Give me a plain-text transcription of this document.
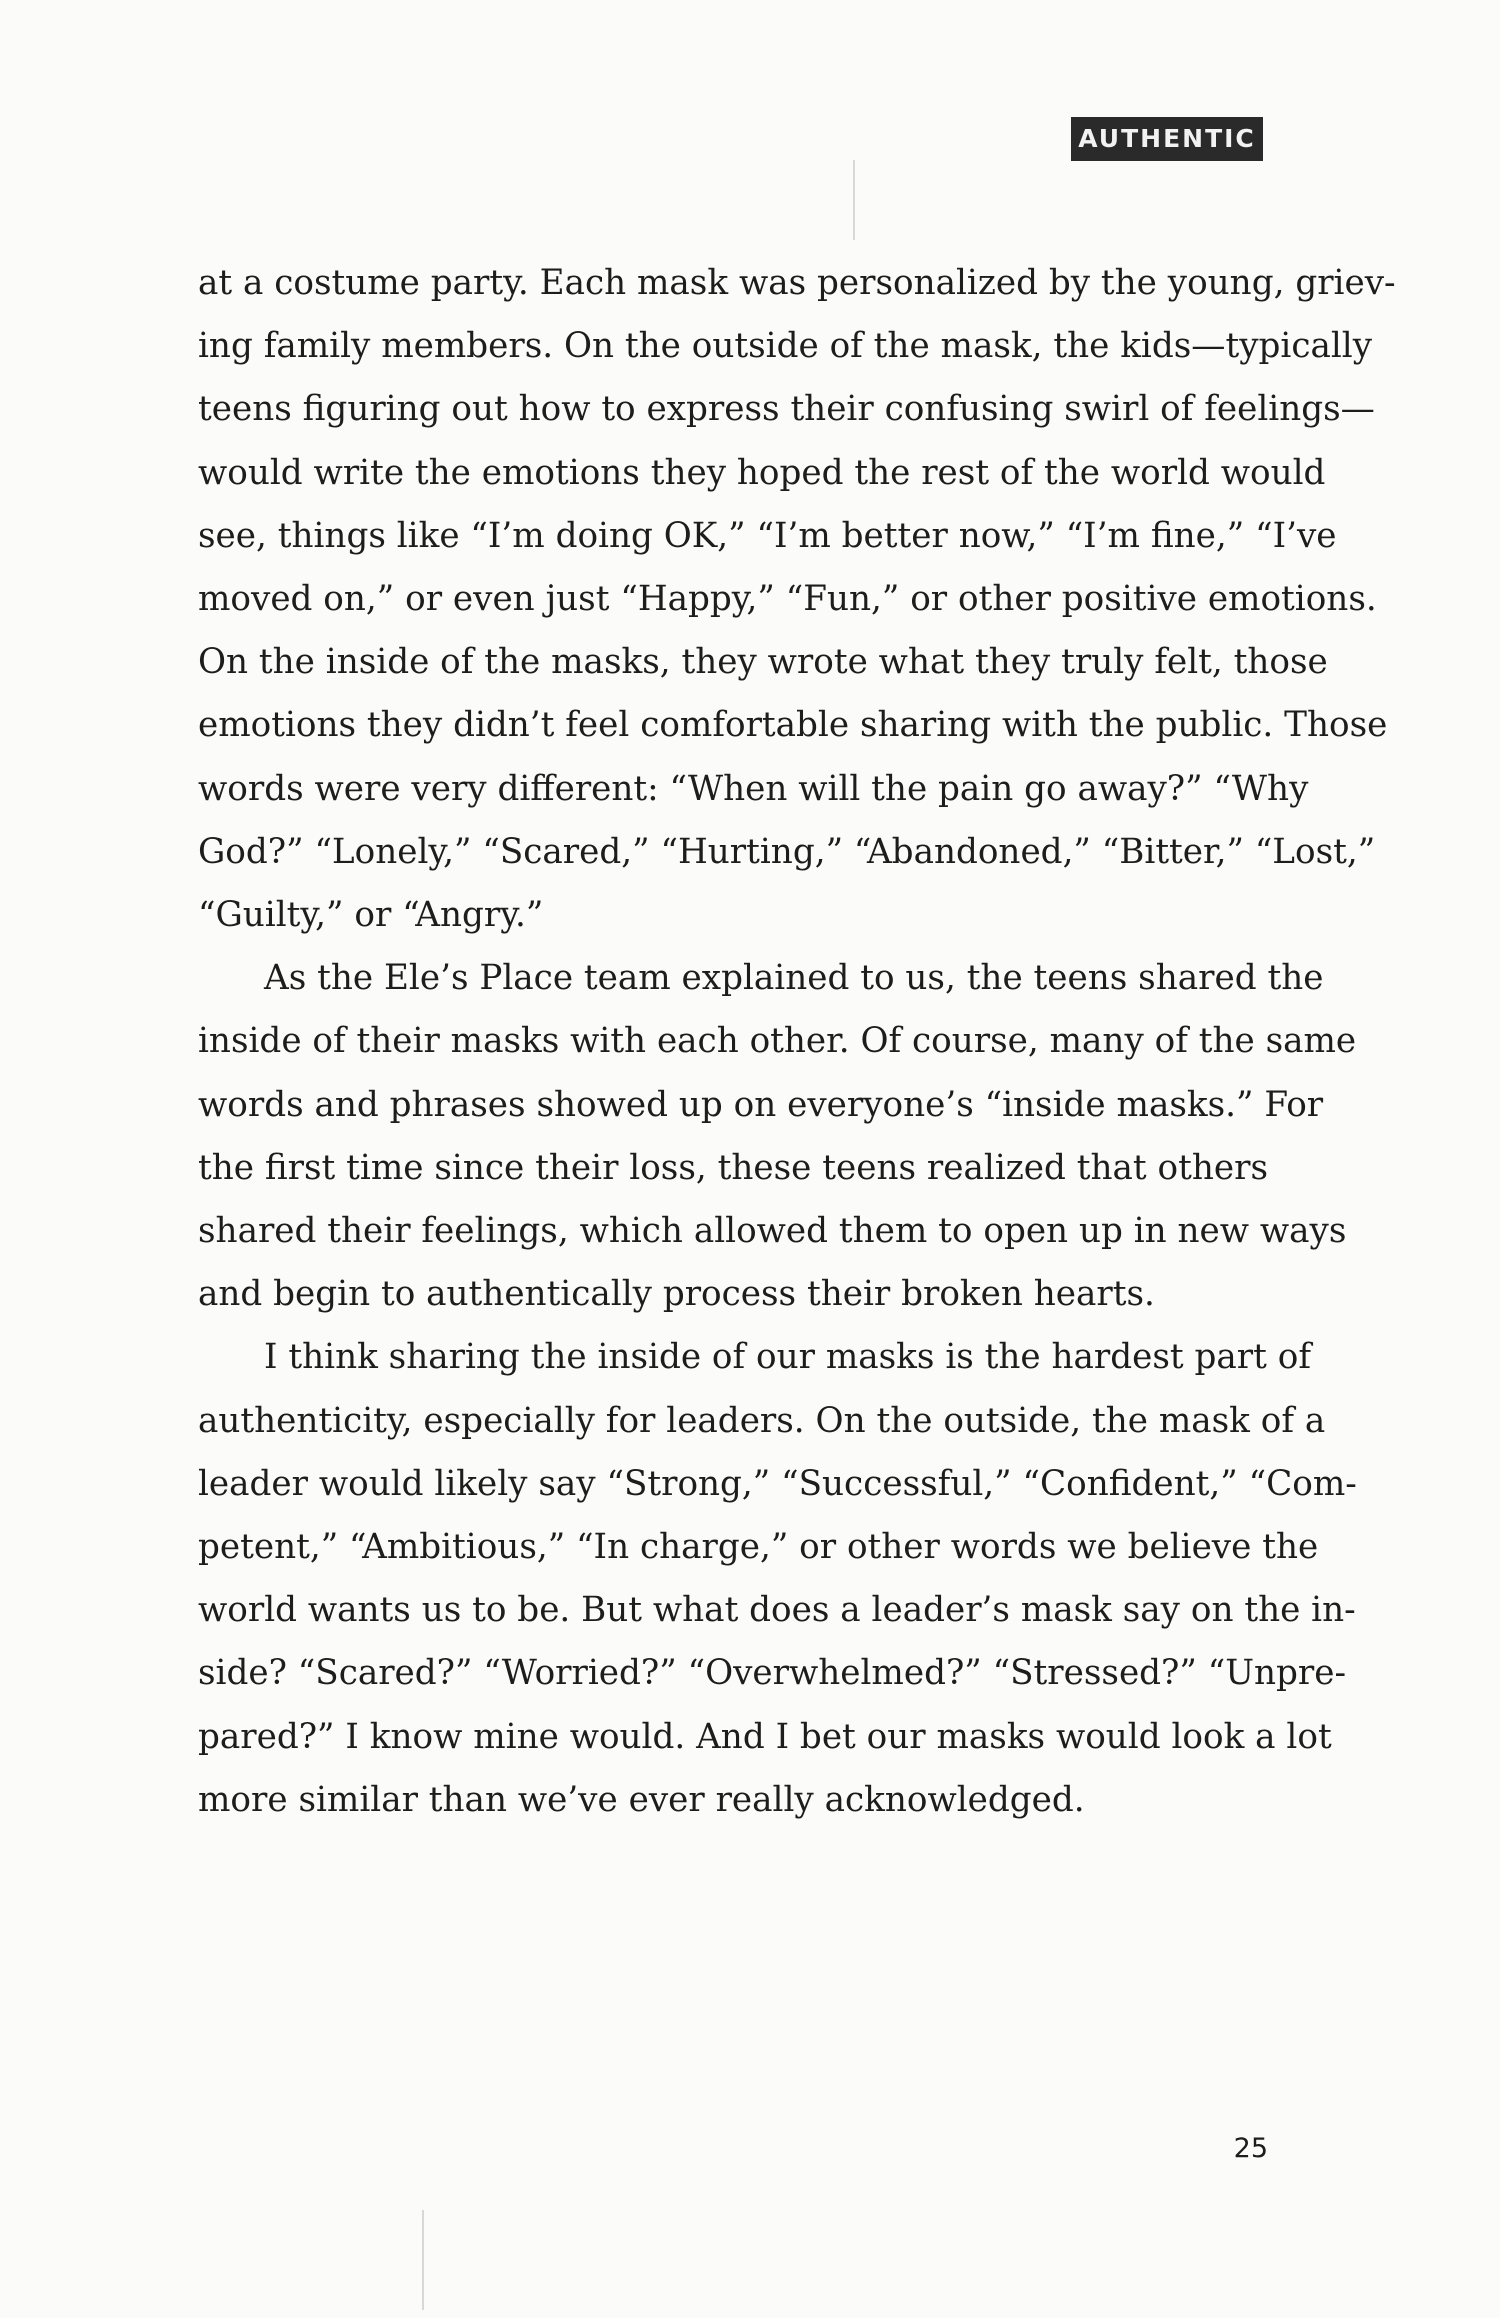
AUTHENTIC
at a costume party. Each mask was personalized by the young, griev-
ing family members. On the outside of the mask, the kids—typically
teens figuring out how to express their confusing swirl of feelings—
would write the emotions they hoped the rest of the world would
see, things like “I’m doing OK,” “I’m better now,” “I’m fine,” “I’ve
moved on,” or even just “Happy,” “Fun,” or other positive emotions.
On the inside of the masks, they wrote what they truly felt, those
emotions they didn’t feel comfortable sharing with the public. Those
words were very different: “When will the pain go away?” “Why
God?” “Lonely,” “Scared,” “Hurting,” “Abandoned,” “Bitter,” “Lost,”
“Guilty,” or “Angry.”
As the Ele’s Place team explained to us, the teens shared the
inside of their masks with each other. Of course, many of the same
words and phrases showed up on everyone’s “inside masks.” For
the first time since their loss, these teens realized that others
shared their feelings, which allowed them to open up in new ways
and begin to authentically process their broken hearts.
I think sharing the inside of our masks is the hardest part of
authenticity, especially for leaders. On the outside, the mask of a
leader would likely say “Strong,” “Successful,” “Confident,” “Com-
petent,” “Ambitious,” “In charge,” or other words we believe the
world wants us to be. But what does a leader’s mask say on the in-
side? “Scared?” “Worried?” “Overwhelmed?” “Stressed?” “Unpre-
pared?” I know mine would. And I bet our masks would look a lot
more similar than we’ve ever really acknowledged.
25
